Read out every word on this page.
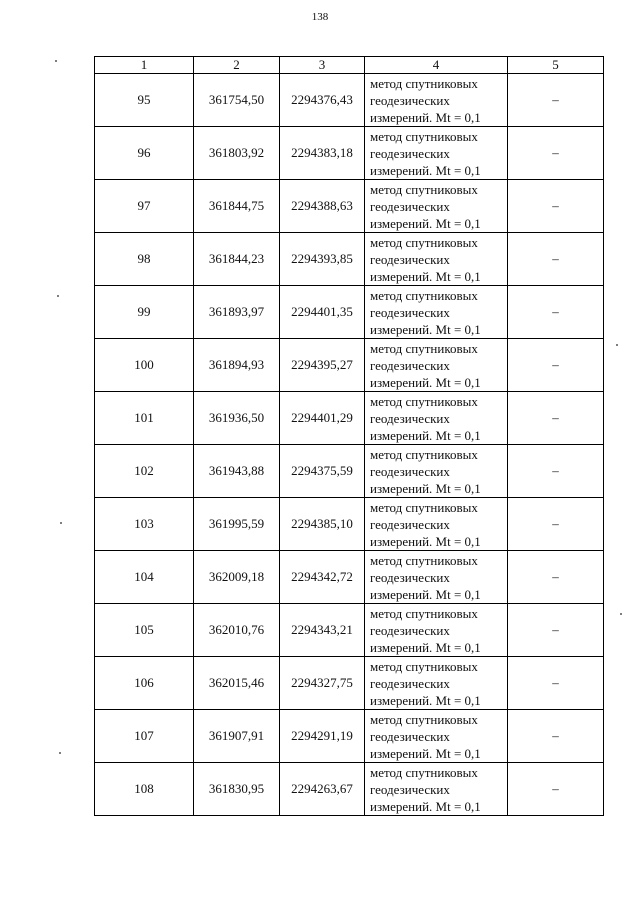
138
1	2	3	4	5
95	361754,50	2294376,43	метод спутниковых
геодезических
измерений. Mt = 0,1	–
96	361803,92	2294383,18	метод спутниковых
геодезических
измерений. Mt = 0,1	–
97	361844,75	2294388,63	метод спутниковых
геодезических
измерений. Mt = 0,1	–
98	361844,23	2294393,85	метод спутниковых
геодезических
измерений. Mt = 0,1	–
99	361893,97	2294401,35	метод спутниковых
геодезических
измерений. Mt = 0,1	–
100	361894,93	2294395,27	метод спутниковых
геодезических
измерений. Mt = 0,1	–
101	361936,50	2294401,29	метод спутниковых
геодезических
измерений. Mt = 0,1	–
102	361943,88	2294375,59	метод спутниковых
геодезических
измерений. Mt = 0,1	–
103	361995,59	2294385,10	метод спутниковых
геодезических
измерений. Mt = 0,1	–
104	362009,18	2294342,72	метод спутниковых
геодезических
измерений. Mt = 0,1	–
105	362010,76	2294343,21	метод спутниковых
геодезических
измерений. Mt = 0,1	–
106	362015,46	2294327,75	метод спутниковых
геодезических
измерений. Mt = 0,1	–
107	361907,91	2294291,19	метод спутниковых
геодезических
измерений. Mt = 0,1	–
108	361830,95	2294263,67	метод спутниковых
геодезических
измерений. Mt = 0,1	–
